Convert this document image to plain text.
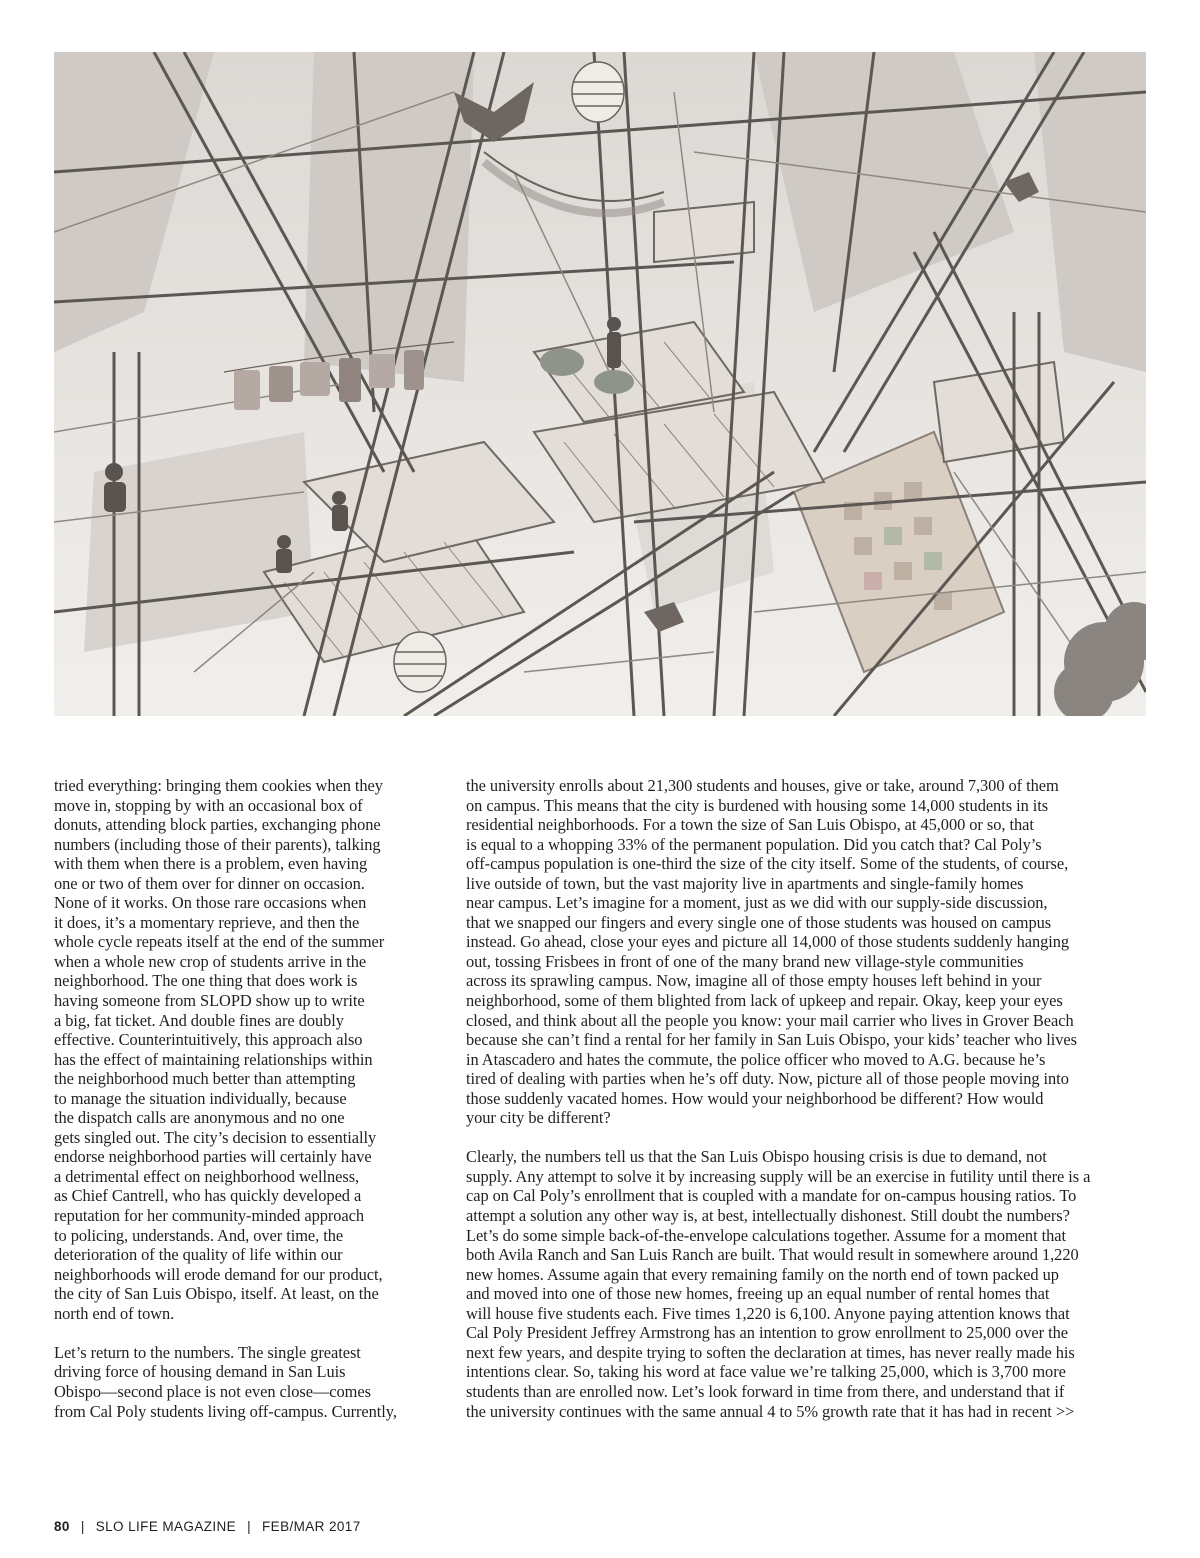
tried everything: bringing them cookies when they
move in, stopping by with an occasional box of
donuts, attending block parties, exchanging phone
numbers (including those of their parents), talking
with them when there is a problem, even having
one or two of them over for dinner on occasion.
None of it works. On those rare occasions when
it does, it’s a momentary reprieve, and then the
whole cycle repeats itself at the end of the summer
when a whole new crop of students arrive in the
neighborhood. The one thing that does work is
having someone from SLOPD show up to write
a big, fat ticket. And double fines are doubly
effective. Counterintuitively, this approach also
has the effect of maintaining relationships within
the neighborhood much better than attempting
to manage the situation individually, because
the dispatch calls are anonymous and no one
gets singled out. The city’s decision to essentially
endorse neighborhood parties will certainly have
a detrimental effect on neighborhood wellness,
as Chief Cantrell, who has quickly developed a
reputation for her community-minded approach
to policing, understands. And, over time, the
deterioration of the quality of life within our
neighborhoods will erode demand for our product,
the city of San Luis Obispo, itself. At least, on the
north end of town.

Let’s return to the numbers. The single greatest
driving force of housing demand in San Luis
Obispo—second place is not even close—comes
from Cal Poly students living off-campus. Currently,

the university enrolls about 21,300 students and houses, give or take, around 7,300 of them
on campus. This means that the city is burdened with housing some 14,000 students in its
residential neighborhoods. For a town the size of San Luis Obispo, at 45,000 or so, that
is equal to a whopping 33% of the permanent population. Did you catch that? Cal Poly’s
off-campus population is one-third the size of the city itself. Some of the students, of course,
live outside of town, but the vast majority live in apartments and single-family homes
near campus. Let’s imagine for a moment, just as we did with our supply-side discussion,
that we snapped our fingers and every single one of those students was housed on campus
instead. Go ahead, close your eyes and picture all 14,000 of those students suddenly hanging
out, tossing Frisbees in front of one of the many brand new village-style communities
across its sprawling campus. Now, imagine all of those empty houses left behind in your
neighborhood, some of them blighted from lack of upkeep and repair. Okay, keep your eyes
closed, and think about all the people you know: your mail carrier who lives in Grover Beach
because she can’t find a rental for her family in San Luis Obispo, your kids’ teacher who lives
in Atascadero and hates the commute, the police officer who moved to A.G. because he’s
tired of dealing with parties when he’s off duty. Now, picture all of those people moving into
those suddenly vacated homes. How would your neighborhood be different? How would
your city be different?

Clearly, the numbers tell us that the San Luis Obispo housing crisis is due to demand, not
supply. Any attempt to solve it by increasing supply will be an exercise in futility until there is a
cap on Cal Poly’s enrollment that is coupled with a mandate for on-campus housing ratios. To
attempt a solution any other way is, at best, intellectually dishonest. Still doubt the numbers?
Let’s do some simple back-of-the-envelope calculations together. Assume for a moment that
both Avila Ranch and San Luis Ranch are built. That would result in somewhere around 1,220
new homes. Assume again that every remaining family on the north end of town packed up
and moved into one of those new homes, freeing up an equal number of rental homes that
will house five students each. Five times 1,220 is 6,100. Anyone paying attention knows that
Cal Poly President Jeffrey Armstrong has an intention to grow enrollment to 25,000 over the
next few years, and despite trying to soften the declaration at times, has never really made his
intentions clear. So, taking his word at face value we’re talking 25,000, which is 3,700 more
students than are enrolled now. Let’s look forward in time from there, and understand that if
the university continues with the same annual 4 to 5% growth rate that it has had in recent >>

80 | SLO LIFE MAGAZINE | FEB/MAR 2017
